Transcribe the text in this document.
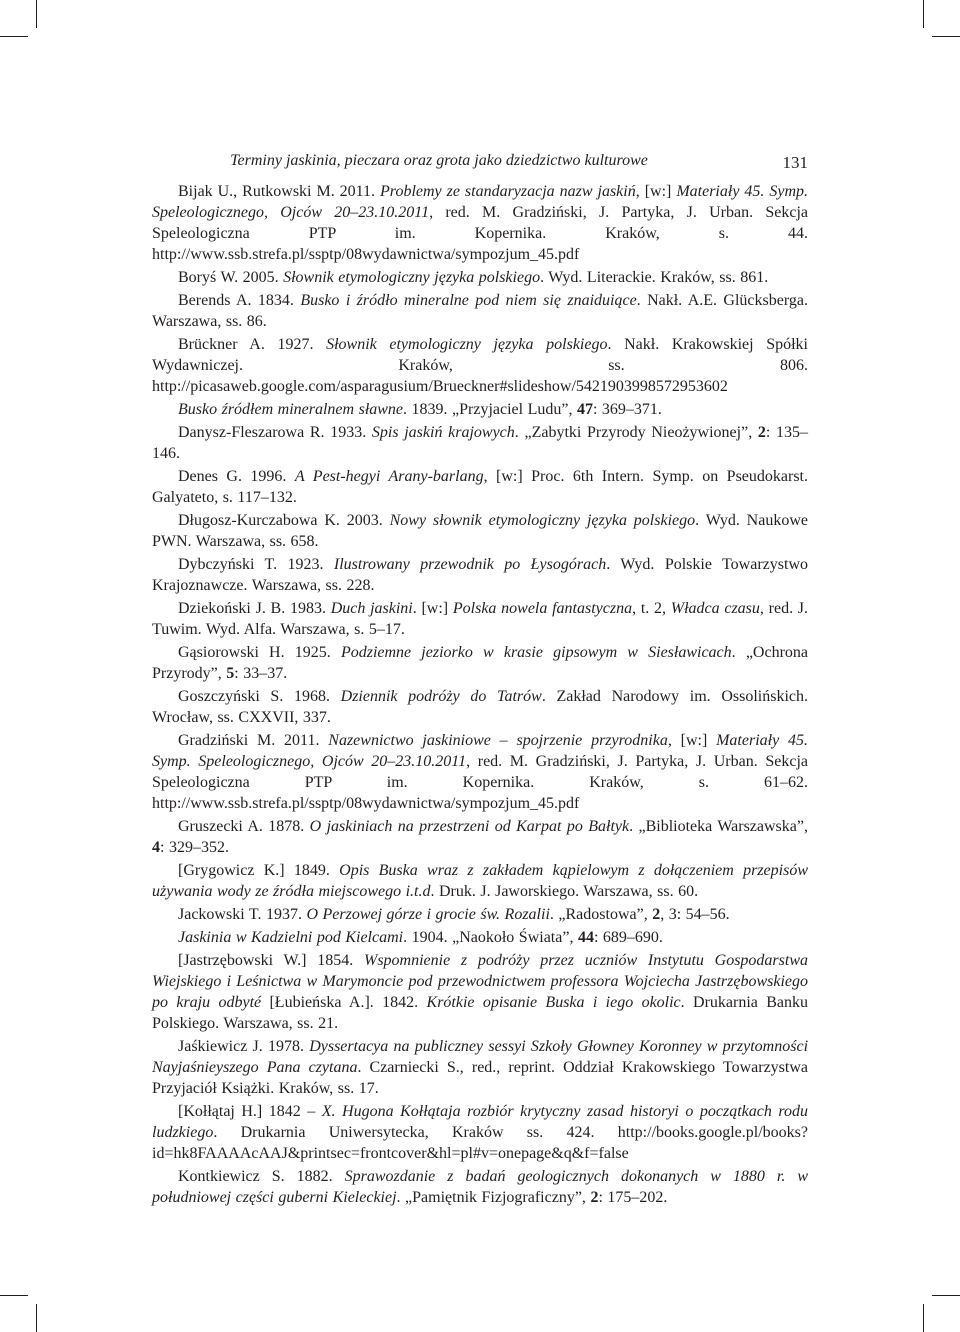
Terminy jaskinia, pieczara oraz grota jako dziedzictwo kulturowe	131

Bijak U., Rutkowski M. 2011. Problemy ze standaryzacja nazw jaskiń, [w:] Materiały 45. Symp. Speleologicznego, Ojców 20–23.10.2011, red. M. Gradziński, J. Partyka, J. Urban. Sekcja Speleologiczna PTP im. Kopernika. Kraków, s. 44. http://www.ssb.strefa.pl/ssptp/08wydawnictwa/sympozjum_45.pdf

Boryś W. 2005. Słownik etymologiczny języka polskiego. Wyd. Literackie. Kraków, ss. 861.

Berends A. 1834. Busko i źródło mineralne pod niem się znaiduiące. Nakł. A.E. Glücksberga. Warszawa, ss. 86.

Brückner A. 1927. Słownik etymologiczny języka polskiego. Nakł. Krakowskiej Spółki Wydawniczej. Kraków, ss. 806. http://picasaweb.google.com/asparagusium/Brueckner#slideshow/5421903998572953602

Busko źródłem mineralnem sławne. 1839. „Przyjaciel Ludu”, 47: 369–371.

Danysz-Fleszarowa R. 1933. Spis jaskiń krajowych. „Zabytki Przyrody Nieożywionej”, 2: 135–146.

Denes G. 1996. A Pest-hegyi Arany-barlang, [w:] Proc. 6th Intern. Symp. on Pseudokarst. Galyateto, s. 117–132.

Długosz-Kurczabowa K. 2003. Nowy słownik etymologiczny języka polskiego. Wyd. Naukowe PWN. Warszawa, ss. 658.

Dybczyński T. 1923. Ilustrowany przewodnik po Łysogórach. Wyd. Polskie Towarzystwo Krajoznawcze. Warszawa, ss. 228.

Dziekoński J. B. 1983. Duch jaskini. [w:] Polska nowela fantastyczna, t. 2, Władca czasu, red. J. Tuwim. Wyd. Alfa. Warszawa, s. 5–17.

Gąsiorowski H. 1925. Podziemne jeziorko w krasie gipsowym w Siesławicach. „Ochrona Przyrody”, 5: 33–37.

Goszczyński S. 1968. Dziennik podróży do Tatrów. Zakład Narodowy im. Ossolińskich. Wrocław, ss. CXXVII, 337.

Gradziński M. 2011. Nazewnictwo jaskiniowe – spojrzenie przyrodnika, [w:] Materiały 45. Symp. Speleologicznego, Ojców 20–23.10.2011, red. M. Gradziński, J. Partyka, J. Urban. Sekcja Speleologiczna PTP im. Kopernika. Kraków, s. 61–62. http://www.ssb.strefa.pl/ssptp/08wydawnictwa/sympozjum_45.pdf

Gruszecki A. 1878. O jaskiniach na przestrzeni od Karpat po Bałtyk. „Biblioteka Warszawska”, 4: 329–352.

[Grygowicz K.] 1849. Opis Buska wraz z zakładem kąpielowym z dołączeniem przepisów używania wody ze źródła miejscowego i.t.d. Druk. J. Jaworskiego. Warszawa, ss. 60.

Jackowski T. 1937. O Perzowej górze i grocie św. Rozalii. „Radostowa”, 2, 3: 54–56.

Jaskinia w Kadzielni pod Kielcami. 1904. „Naokoło Świata”, 44: 689–690.

[Jastrzębowski W.] 1854. Wspomnienie z podróży przez uczniów Instytutu Gospodarstwa Wiejskiego i Leśnictwa w Marymoncie pod przewodnictwem professora Wojciecha Jastrzębowskiego po kraju odbyté [Łubieńska A.]. 1842. Krótkie opisanie Buska i iego okolic. Drukarnia Banku Polskiego. Warszawa, ss. 21.

Jaśkiewicz J. 1978. Dyssertacya na publiczney sessyi Szkoły Głowney Koronney w przytomności Nayjaśnieyszego Pana czytana. Czarniecki S., red., reprint. Oddział Krakowskiego Towarzystwa Przyjaciół Książki. Kraków, ss. 17.

[Kołłątaj H.] 1842 – X. Hugona Kołłątaja rozbiór krytyczny zasad historyi o początkach rodu ludzkiego. Drukarnia Uniwersytecka, Kraków ss. 424. http://books.google.pl/books?id=hk8FAAAAcAAJ&printsec=frontcover&hl=pl#v=onepage&q&f=false

Kontkiewicz S. 1882. Sprawozdanie z badań geologicznych dokonanych w 1880 r. w południowej części guberni Kieleckiej. „Pamiętnik Fizjograficzny”, 2: 175–202.
